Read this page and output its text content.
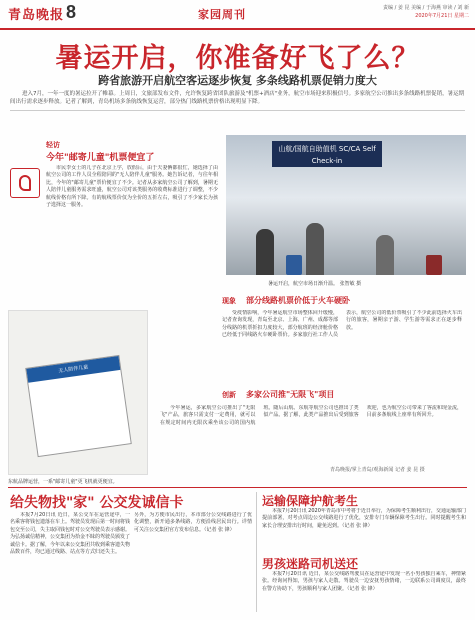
青岛晚报 8	家园周刊	责编 / 姜 昆 美编 / 于海燕 审读 / 刘 新
2020年7月21日 星期二
暑运开启，你准备好飞了么？
跨省旅游开启航空客运逐步恢复 多条线路机票促销力度大
进入7月，一年一度的暑运拉开了帷幕。上周日，文旅部发布文件，允许恢复跨省团队旅游及"机票+酒店"业务，航空市场迎来积极信号。多家航空公司推出多条线路机票促销，暑运期间出行需求逐步释放。记者了解到，青岛机场多条航线恢复运营，部分热门线路机票价格出现明显下降。
轻访
今年"邮寄儿童"机票便宜了
市民李女士的儿子在北京上学，放假后，由于夫妻俩都很忙，她选择了由航空公司的工作人员全程陪同的"无人陪伴儿童"服务。她告诉记者，与往年相比，今年的"邮寄儿童"票价便宜了不少。记者从多家航空公司了解到，暑期无人陪伴儿童服务需求旺盛，航空公司对该类服务的收费标准进行了调整，不少航线价格有所下降。有的航线票价仅为全价的五折左右，吸引了不少家长为孩子选择这一服务。
山航/国航自助值机 SC/CA Self Check-in
暑运开启，航空市场日渐升温。 张智敏 摄
现象 部分线路机票价低于火车硬卧
受疫情影响，今年暑运航空市场整体回升缓慢，记者查询发现，青岛至北京、上海、广州、成都等部分线路的机票折扣力度较大，部分航班的经济舱价格已经低于同线路火车硬卧票价。多家旅行社工作人员表示，航空公司的低价票吸引了不少此前选择火车出行的旅客，暑期亲子游、学生游等需求正在逐步释放。
创新 多家公司推"无限飞"项目
今年暑运，多家航空公司推出了"无限飞"产品，旅客只需支付一定费用，就可以在规定时间内无限次乘坐该公司的国内航班。随后山航、东航等航空公司也推出了类似产品。据了解，此类产品推出后受到旅客欢迎，也为航空公司带来了客流和现金流，目前多条航线上座率有所回升。
青岛晚报/掌上青岛/观海新闻 记者 姜 昆 摄
无人陪伴儿童
东航品牌运营，一系"邮寄儿童"更飞机就更便宜。
给失物找"家" 公交发诚信卡
本报7月20日讯 近日，某公交车在运营途中，一名乘客将钱包遗落在车上。驾驶员发现后第一时间将钱包交至公司，失主取回钱包时对公交驾驶员表示感谢。为弘扬诚信精神，公交集团为拾金不昧的驾驶员颁发了诚信卡。据了解，今年以来公交集团共收到乘客遗失物品数百件，均已通过线路、站点等方式归还失主。
另外，为方便市民出行，本市部分公交线路进行了优化调整，新开通多条线路，方便沿线居民出行。详情可关注公交集团官方发布信息。（记者 张 锋）
运输保障护航考生
本报7月20日讯 2020年青岛市中考将于近日举行，为保障考生顺利出行，交通运输部门提前部署，对考点周边公交线路进行了优化，安排专门车辆保障考生出行。同时提醒考生和家长合理安排出行时间，避免迟到。（记者 张 锋）
男孩迷路司机送还
本报7月20日讯 近日，某公交线路驾驶员在运营途中发现一名小男孩独自乘车，神情紧张。经询问得知，男孩与家人走散。驾驶员一边安抚男孩情绪，一边联系公司调度员，最终在警方协助下，男孩顺利与家人团聚。（记者 张 锋）
